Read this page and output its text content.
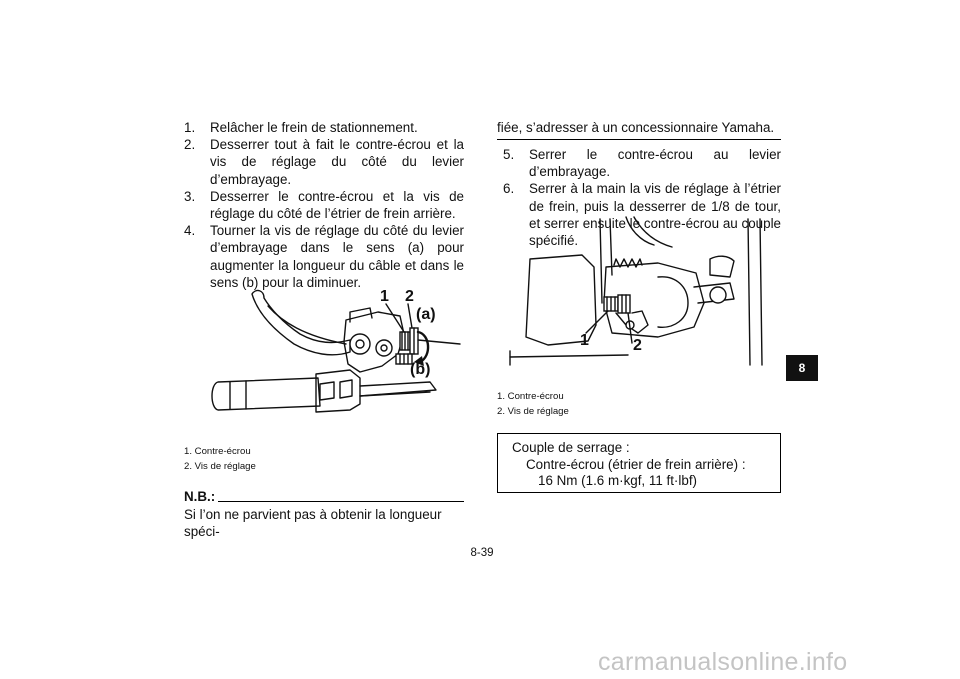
1. Relâcher le frein de stationnement.
2. Desserrer tout à fait le contre-écrou et la vis de réglage du côté du levier d’embrayage.
3. Desserrer le contre-écrou et la vis de réglage du côté de l’étrier de frein arrière.
4. Tourner la vis de réglage du côté du levier d’embrayage dans le sens (a) pour augmenter la longueur du câble et dans le sens (b) pour la diminuer.
1 2
(a)
(b)
1. Contre-écrou
2. Vis de réglage
N.B.:
Si l’on ne parvient pas à obtenir la longueur spéci-
fiée, s’adresser à un concessionnaire Yamaha.
5. Serrer le contre-écrou au levier d’embrayage.
6. Serrer à la main la vis de réglage à l’étrier de frein, puis la desserrer de 1/8 de tour, et serrer ensuite le contre-écrou au couple spécifié.
1	2
1. Contre-écrou
2. Vis de réglage
Couple de serrage :
Contre-écrou (étrier de frein arrière) :
16 Nm (1.6 m·kgf, 11 ft·lbf)
8-39
8
carmanualsonline.info
